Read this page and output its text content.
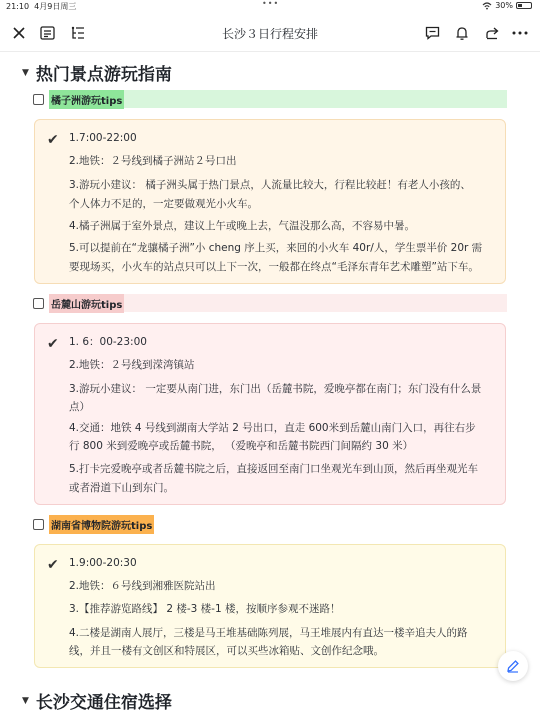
21:10 4月9日周三	•••	30%
长沙３日行程安排
▼ 热门景点游玩指南
橘子洲游玩tips
✔ 1.7:00-22:00
2.地铁：２号线到橘子洲站２号口出
3.游玩小建议： 橘子洲头属于热门景点，人流量比较大，行程比较赶！有老人小孩的、
个人体力不足的，一定要做观光小火车。
4.橘子洲属于室外景点，建议上午或晚上去，气温没那么高，不容易中暑。
5.可以提前在“龙骧橘子洲”小 cheng 序上买，来回的小火车 40r/人，学生票半价 20r 需
要现场买，小火车的站点只可以上下一次，一般都在终点“毛泽东青年艺术雕塑”站下车。
岳麓山游玩tips
✔ 1. 6：00-23:00
2.地铁：２号线到溁湾镇站
3.游玩小建议： 一定要从南门进，东门出（岳麓书院，爱晚亭都在南门；东门没有什么景
点）
4.交通：地铁 4 号线到湖南大学站 2 号出口，直走 600米到岳麓山南门入口，再往右步
行 800 米到爱晚亭或岳麓书院， （爱晚亭和岳麓书院西门间隔约 30 米）
5.打卡完爱晚亭或者岳麓书院之后，直接返回至南门口坐观光车到山顶，然后再坐观光车
或者滑道下山到东门。
湖南省博物院游玩tips
✔ 1.9:00-20:30
2.地铁：６号线到湘雅医院站出
3.【推荐游览路线】 2 楼-3 楼-1 楼，按顺序参观不迷路！
4.二楼是湖南人展厅，三楼是马王堆基础陈列展，马王堆展内有直达一楼辛追夫人的路
线，并且一楼有文创区和特展区，可以买些冰箱贴、文创作纪念哦。
▼ 长沙交通住宿选择
